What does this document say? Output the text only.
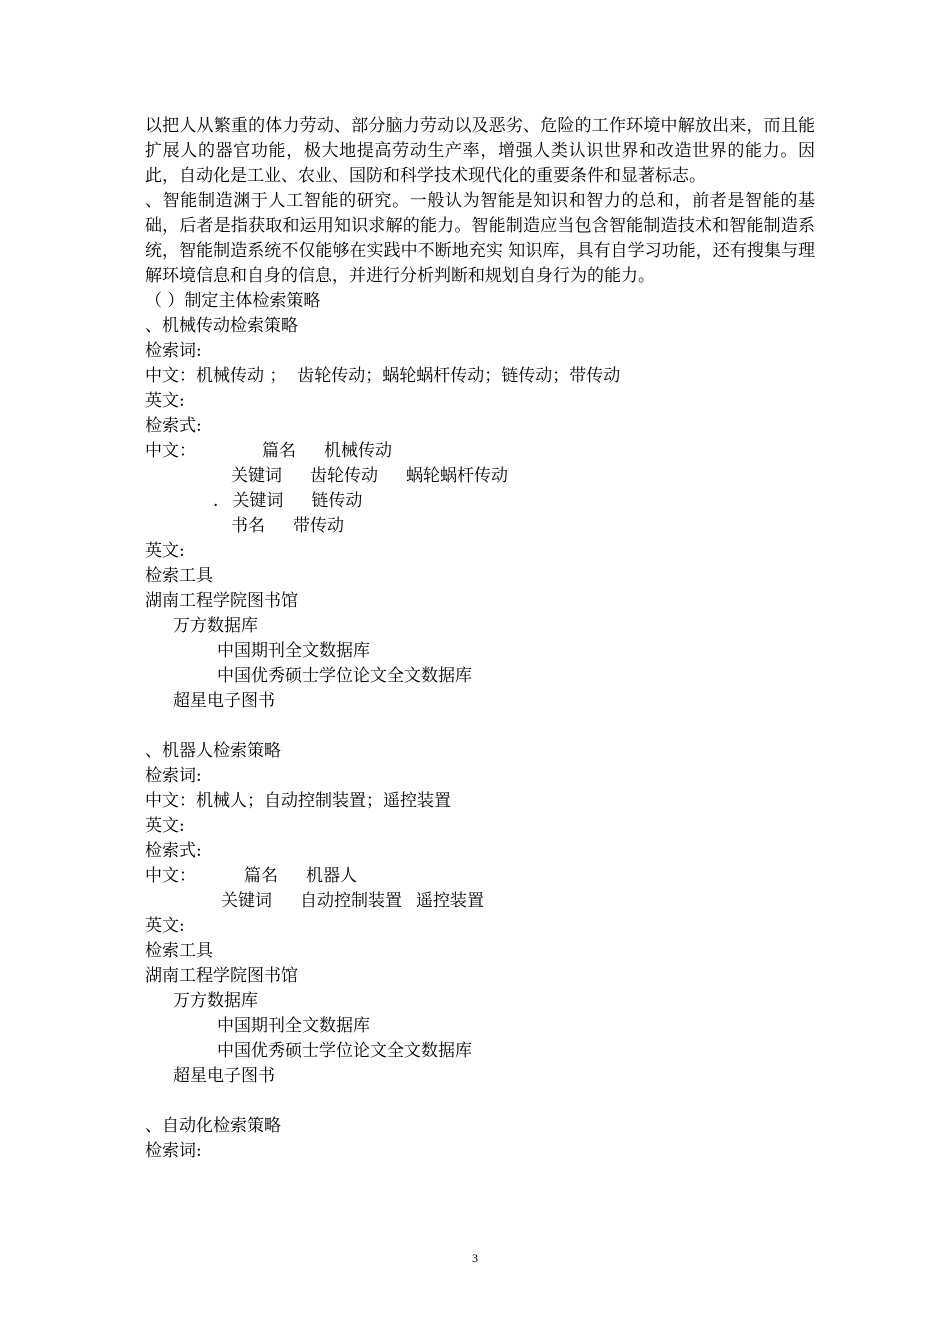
以把人从繁重的体力劳动、部分脑力劳动以及恶劣、危险的工作环境中解放出来，而且能扩展人的器官功能，极大地提高劳动生产率，增强人类认识世界和改造世界的能力。因此，自动化是工业、农业、国防和科学技术现代化的重要条件和显著标志。
、智能制造渊于人工智能的研究。一般认为智能是知识和智力的总和，前者是智能的基础，后者是指获取和运用知识求解的能力。智能制造应当包含智能制造技术和智能制造系统，智能制造系统不仅能够在实践中不断地充实 知识库，具有自学习功能，还有搜集与理解环境信息和自身的信息，并进行分析判断和规划自身行为的能力。
（ ）制定主体检索策略
、机械传动检索策略
检索词:
中文：机械传动 ；  齿轮传动；蜗轮蜗杆传动；链传动；带传动
英文:
检索式:
中文：	篇名 机械传动
关键词 齿轮传动 蜗轮蜗杆传动
. 关键词 链传动
书名 带传动
英文:
检索工具
湖南工程学院图书馆
万方数据库
中国期刊全文数据库
中国优秀硕士学位论文全文数据库
超星电子图书
、机器人检索策略
检索词:
中文：机械人；自动控制装置；遥控装置
英文:
检索式:
中文：	篇名 机器人
关键词 自动控制装置 遥控装置
英文:
检索工具
湖南工程学院图书馆
万方数据库
中国期刊全文数据库
中国优秀硕士学位论文全文数据库
超星电子图书
、自动化检索策略
检索词:
3
